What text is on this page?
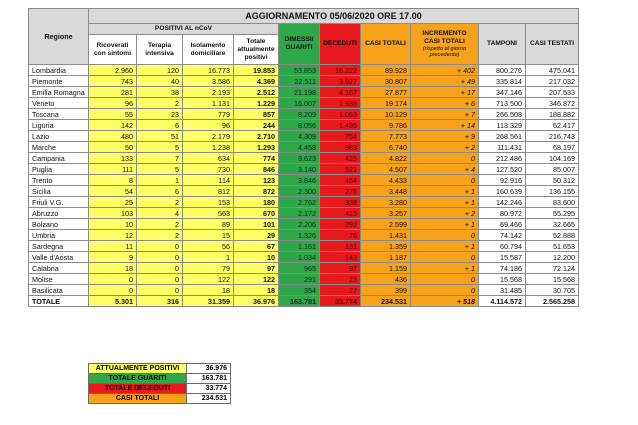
Regione	AGGIORNAMENTO 05/06/2020 ORE 17.00									
	POSITIVI AL nCoV				DIMESSI/ GUARITI	DECEDUTI	CASI TOTALI	INCREMENTO CASI TOTALI
(rispetto al giorno precedente)	TAMPONI	CASI TESTATI
	Ricoverati con sintomi	Terapia intensiva	Isolamento domiciliare	Totale attualmente positivi						
Lombardia	2.960	120	16.773	19.853	53.853	16.222	89.928	+ 402	800.276	475.041
Piemonte	743	40	3.586	4.369	22.511	3.927	30.807	+ 49	335.814	217.032
Emilia Romagna	281	38	2.193	2.512	21.198	4.167	27.877	+ 17	347.146	207.533
Veneto	96	2	1.131	1.229	16.007	1.938	19.174	+ 6	713.500	346.872
Toscana	55	23	779	857	8.209	1.063	10.129	+ 7	266.508	188.882
Liguria	142	6	96	244	8.056	1.486	9.786	+ 14	113.329	62.417
Lazio	480	51	2.179	2.710	4.309	754	7.773	+ 9	268.561	216.743
Marche	50	5	1.238	1.293	4.458	989	6.740	+ 2	111.431	68.197
Campania	133	7	634	774	3.623	425	4.822	0	212.486	104.169
Puglia	111	5	730	846	3.140	521	4.507	+ 4	127.520	85.007
Trento	8	1	114	123	3.846	464	4.433	0	92.916	50.312
Sicilia	54	6	812	872	2.300	276	3.448	+ 1	160.639	136.155
Friuli V.G.	25	2	153	180	2.762	338	3.280	+ 1	142.246	83.600
Abruzzo	103	4	563	670	2.172	415	3.257	+ 2	80.972	55.295
Bolzano	10	2	89	101	2.206	292	2.599	+ 1	69.466	32.665
Umbria	12	2	15	29	1.326	76	1.431	0	74.142	52.888
Sardegna	11	0	56	67	1.161	131	1.359	+ 1	60.794	51.653
Valle d'Aosta	9	0	1	10	1.034	143	1.187	0	15.587	12.200
Calabria	18	0	79	97	965	97	1.159	+ 1	74.186	72.124
Molise	0	0	122	122	291	23	436	0	15.568	15.568
Basilicata	0	0	18	18	354	27	399	0	31.485	30.705
TOTALE	5.301	316	31.359	36.976	163.781	33.774	234.531	+ 518	4.114.572	2.565.258
ATTUALMENTE POSITIVI	36.976
TOTALE GUARITI	163.781
TOTALE DECEDUTI	33.774
CASI TOTALI	234.531
